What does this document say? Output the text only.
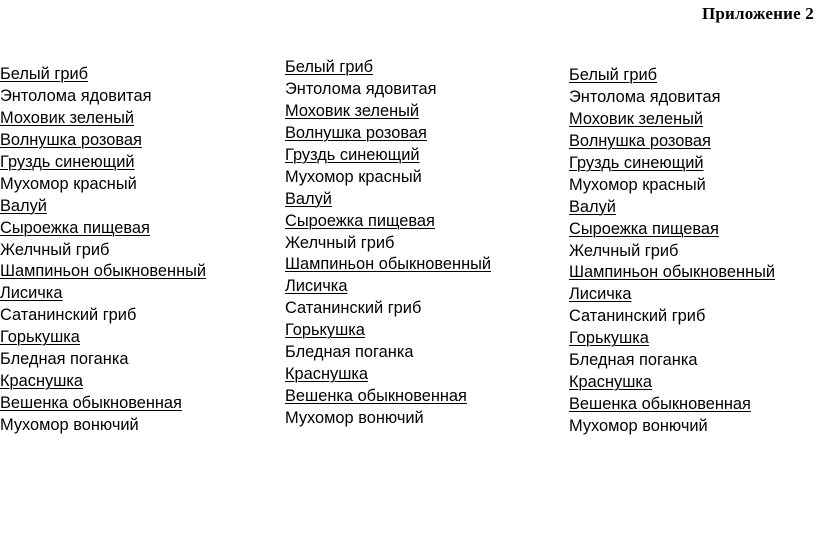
Приложение 2
Белый гриб
Энтолома ядовитая
Моховик зеленый
Волнушка розовая
Груздь синеющий
Мухомор красный
Валуй
Сыроежка пищевая
Желчный гриб
Шампиньон обыкновенный
Лисичка
Сатанинский гриб
Горькушка
Бледная поганка
Краснушка
Вешенка обыкновенная
Мухомор вонючий
Белый гриб
Энтолома ядовитая
Моховик зеленый
Волнушка розовая
Груздь синеющий
Мухомор красный
Валуй
Сыроежка пищевая
Желчный гриб
Шампиньон обыкновенный
Лисичка
Сатанинский гриб
Горькушка
Бледная поганка
Краснушка
Вешенка обыкновенная
Мухомор вонючий
Белый гриб
Энтолома ядовитая
Моховик зеленый
Волнушка розовая
Груздь синеющий
Мухомор красный
Валуй
Сыроежка пищевая
Желчный гриб
Шампиньон обыкновенный
Лисичка
Сатанинский гриб
Горькушка
Бледная поганка
Краснушка
Вешенка обыкновенная
Мухомор вонючий
